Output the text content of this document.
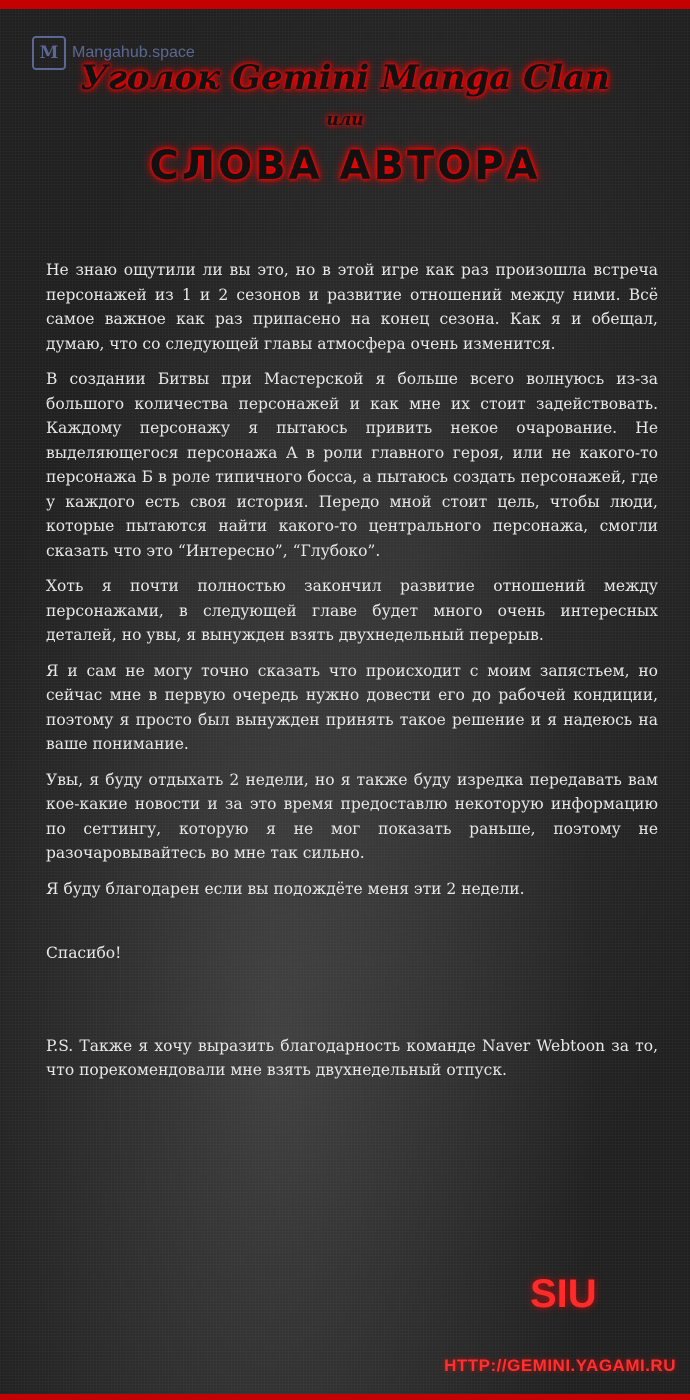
M Mangahub.space
Уголок Gemini Manga Clan
или
СЛОВА АВТОРА

Не знаю ощутили ли вы это, но в этой игре как раз произошла встреча персонажей из 1 и 2 сезонов и развитие отношений между ними. Всё самое важное как раз припасено на конец сезона. Как я и обещал, думаю, что со следующей главы атмосфера очень изменится.

В создании Битвы при Мастерской я больше всего волнуюсь из-за большого количества персонажей и как мне их стоит задействовать. Каждому персонажу я пытаюсь привить некое очарование. Не выделяющегося персонажа А в роли главного героя, или не какого-то персонажа Б в роле типичного босса, а пытаюсь создать персонажей, где у каждого есть своя история. Передо мной стоит цель, чтобы люди, которые пытаются найти какого-то центрального персонажа, смогли сказать что это “Интересно”, “Глубоко”.

Хоть я почти полностью закончил развитие отношений между персонажами, в следующей главе будет много очень интересных деталей, но увы, я вынужден взять двухнедельный перерыв.

Я и сам не могу точно сказать что происходит с моим запястьем, но сейчас мне в первую очередь нужно довести его до рабочей кондиции, поэтому я просто был вынужден принять такое решение и я надеюсь на ваше понимание.

Увы, я буду отдыхать 2 недели, но я также буду изредка передавать вам кое-какие новости и за это время предоставлю некоторую информацию по сеттингу, которую я не мог показать раньше, поэтому не разочаровывайтесь во мне так сильно.

Я буду благодарен если вы подождёте меня эти 2 недели.

Спасибо!

P.S. Также я хочу выразить благодарность команде Naver Webtoon за то, что порекомендовали мне взять двухнедельный отпуск.

SIU
HTTP://GEMINI.YAGAMI.RU
